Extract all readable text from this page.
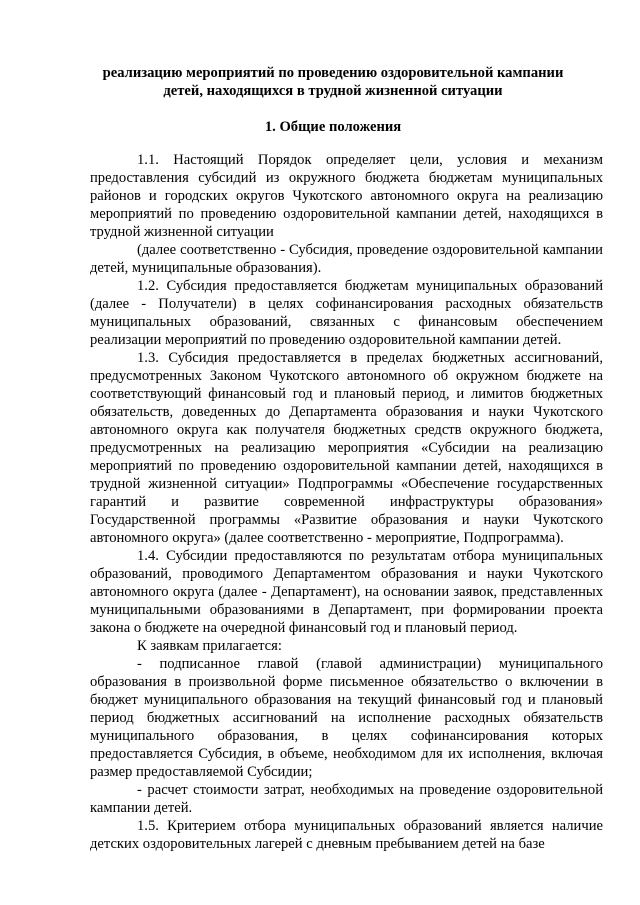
реализацию мероприятий по проведению оздоровительной кампании детей, находящихся в трудной жизненной ситуации
1. Общие положения

1.1. Настоящий Порядок определяет цели, условия и механизм предоставления субсидий из окружного бюджета бюджетам муниципальных районов и городских округов Чукотского автономного округа на реализацию мероприятий по проведению оздоровительной кампании детей, находящихся в трудной жизненной ситуации

(далее соответственно - Субсидия, проведение оздоровительной кампании детей, муниципальные образования).

1.2. Субсидия предоставляется бюджетам муниципальных образований (далее - Получатели) в целях софинансирования расходных обязательств муниципальных образований, связанных с финансовым обеспечением реализации мероприятий по проведению оздоровительной кампании детей.

1.3. Субсидия предоставляется в пределах бюджетных ассигнований, предусмотренных Законом Чукотского автономного об окружном бюджете на соответствующий финансовый год и плановый период, и лимитов бюджетных обязательств, доведенных до Департамента образования и науки Чукотского автономного округа как получателя бюджетных средств окружного бюджета, предусмотренных на реализацию мероприятия «Субсидии на реализацию мероприятий по проведению оздоровительной кампании детей, находящихся в трудной жизненной ситуации» Подпрограммы «Обеспечение государственных гарантий и развитие современной инфраструктуры образования» Государственной программы «Развитие образования и науки Чукотского автономного округа» (далее соответственно - мероприятие, Подпрограмма).

1.4. Субсидии предоставляются по результатам отбора муниципальных образований, проводимого Департаментом образования и науки Чукотского автономного округа (далее - Департамент), на основании заявок, представленных муниципальными образованиями в Департамент, при формировании проекта закона о бюджете на очередной финансовый год и плановый период.

К заявкам прилагается:

- подписанное главой (главой администрации) муниципального образования в произвольной форме письменное обязательство о включении в бюджет муниципального образования на текущий финансовый год и плановый период бюджетных ассигнований на исполнение расходных обязательств муниципального образования, в целях софинансирования которых предоставляется Субсидия, в объеме, необходимом для их исполнения, включая размер предоставляемой Субсидии;

- расчет стоимости затрат, необходимых на проведение оздоровительной кампании детей.

1.5. Критерием отбора муниципальных образований является наличие детских оздоровительных лагерей с дневным пребыванием детей на базе
